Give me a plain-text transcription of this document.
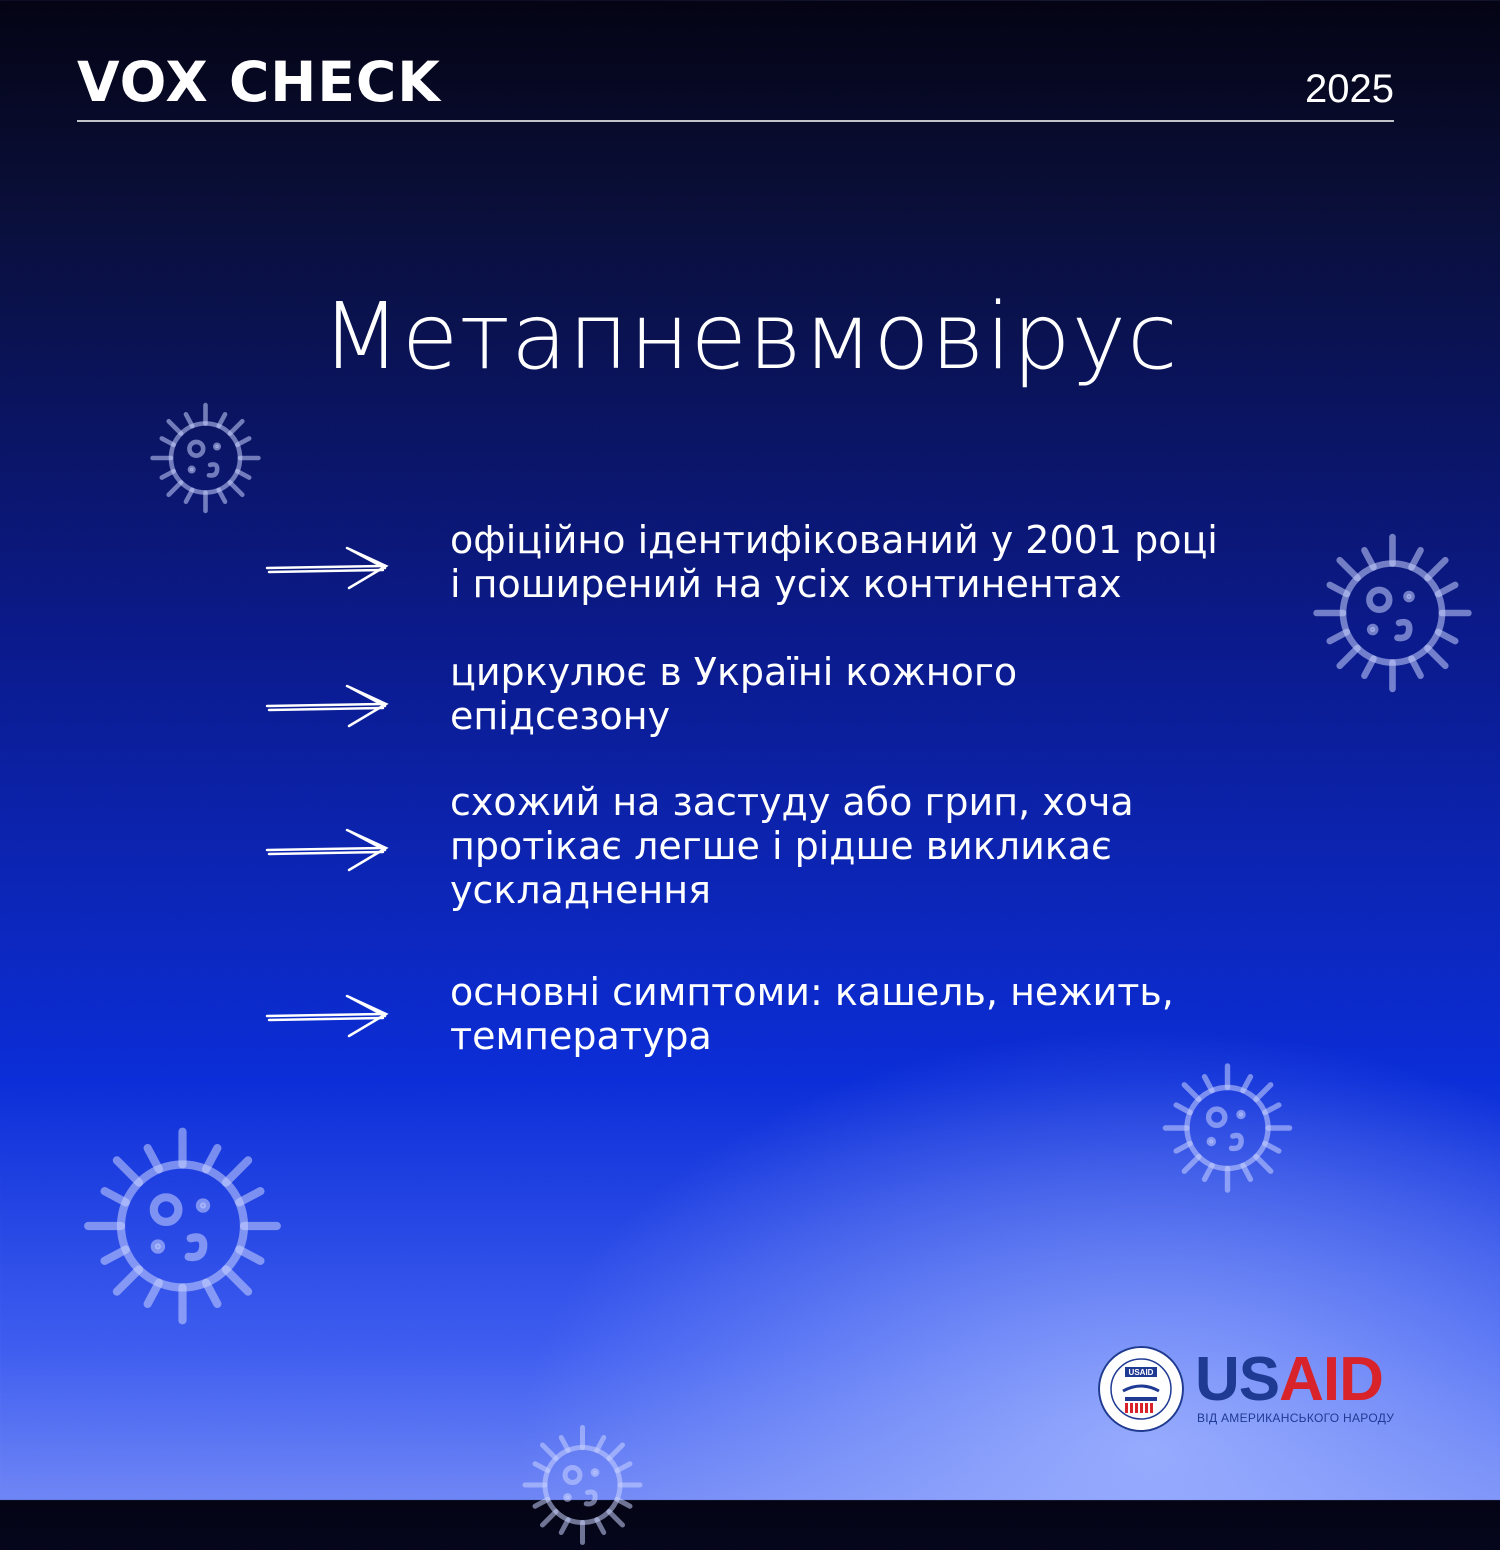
VOX CHECK	2025
Метапневмовірус
офіційно ідентифікований у 2001 році
і поширений на усіх континентах
циркулює в Україні кожного
епідсезону
схожий на застуду або грип, хоча
протікає легше і рідше викликає
ускладнення
основні симптоми: кашель, нежить,
температура
USAID USAID
ВІД АМЕРИКАНСЬКОГО НАРОДУ
